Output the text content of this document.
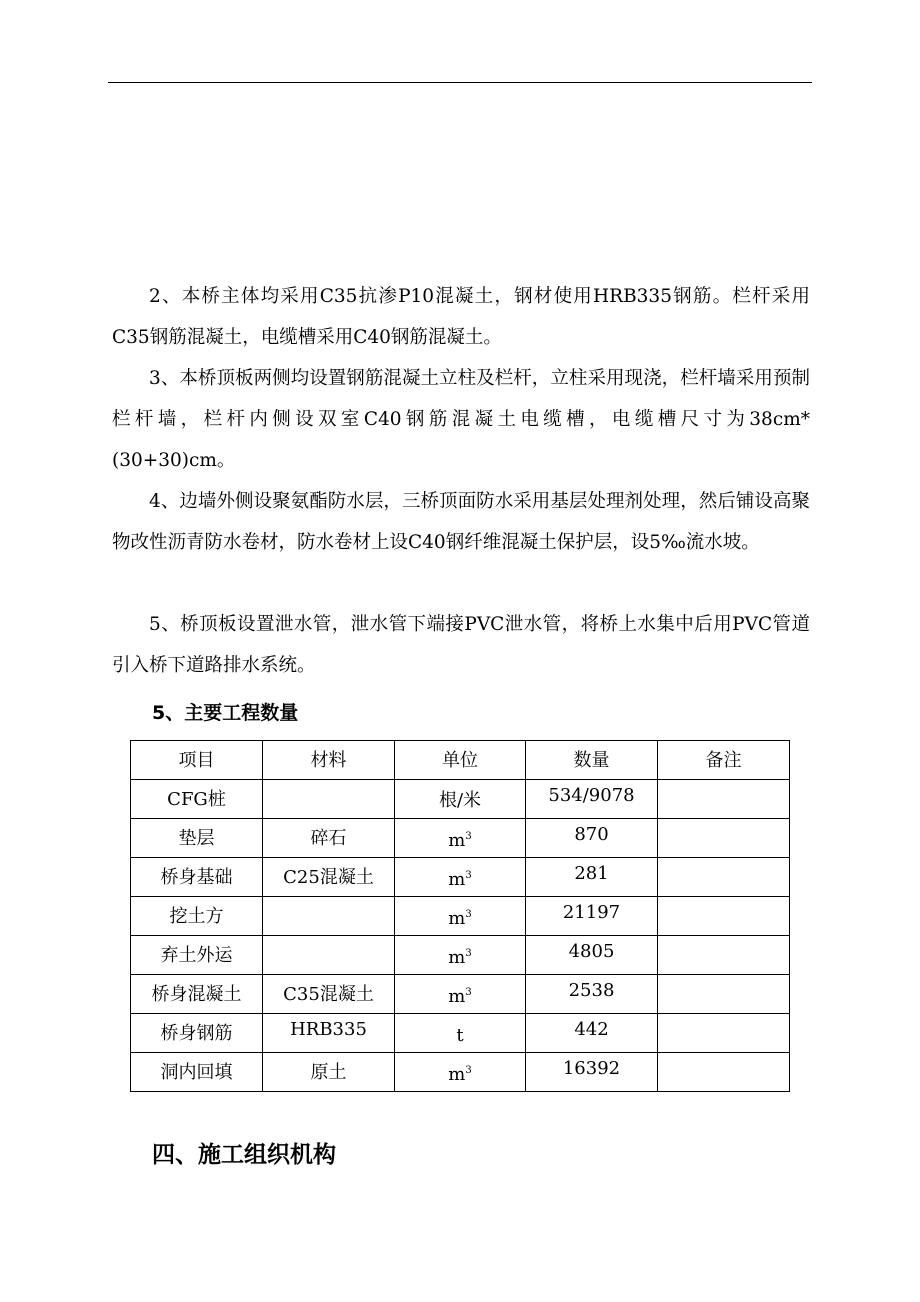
2、本桥主体均采用C35抗渗P10混凝土，钢材使用HRB335钢筋。栏杆采用C35钢筋混凝土，电缆槽采用C40钢筋混凝土。

3、本桥顶板两侧均设置钢筋混凝土立柱及栏杆，立柱采用现浇，栏杆墙采用预制栏杆墙，栏杆内侧设双室C40钢筋混凝土电缆槽，电缆槽尺寸为38cm*(30+30)cm。

4、边墙外侧设聚氨酯防水层，三桥顶面防水采用基层处理剂处理，然后铺设高聚物改性沥青防水卷材，防水卷材上设C40钢纤维混凝土保护层，设5‰流水坡。

5、桥顶板设置泄水管，泄水管下端接PVC泄水管，将桥上水集中后用PVC管道引入桥下道路排水系统。

5、主要工程数量
项目	材料	单位	数量	备注
CFG桩		根/米	534/9078	
垫层	碎石	$m^3$	870	
桥身基础	C25混凝土	$m^3$	281	
挖土方		$m^3$	21197	
弃土外运		$m^3$	4805	
桥身混凝土	C35混凝土	$m^3$	2538	
桥身钢筋	HRB335	t	442	
洞内回填	原土	$m^3$	16392	
四、施工组织机构
